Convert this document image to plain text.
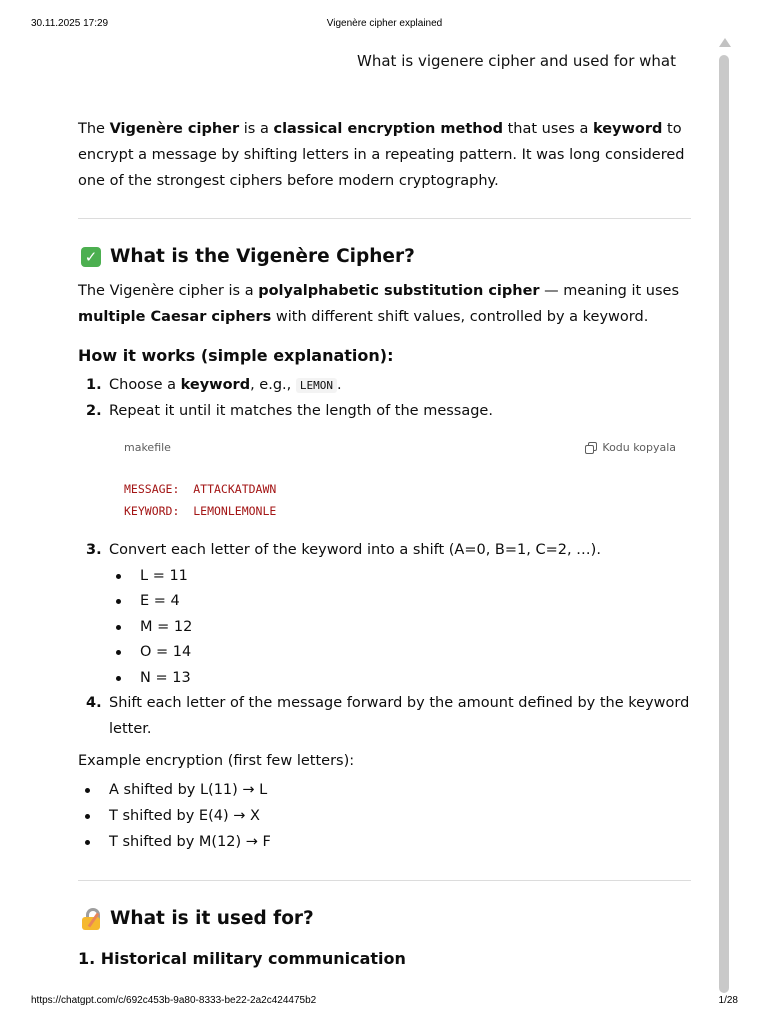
30.11.2025 17:29	Vigenère cipher explained
What is vigenere cipher and used for what

The Vigenère cipher is a classical encryption method that uses a keyword to encrypt a message by shifting letters in a repeating pattern. It was long considered one of the strongest ciphers before modern cryptography.

✓ What is the Vigenère Cipher?

The Vigenère cipher is a polyalphabetic substitution cipher — meaning it uses multiple Caesar ciphers with different shift values, controlled by a keyword.

How it works (simple explanation):
1. Choose a keyword, e.g., LEMON .
2. Repeat it until it matches the length of the message.
makefile	Kodu kopyala
MESSAGE:  ATTACKATDAWN
KEYWORD:  LEMONLEMONLE
3. Convert each letter of the keyword into a shift (A=0, B=1, C=2, …).
L = 11
E = 4
M = 12
O = 14
N = 13
4. Shift each letter of the message forward by the amount defined by the keyword letter.

Example encryption (first few letters):

A shifted by L(11) → L
T shifted by E(4) → X
T shifted by M(12) → F
What is it used for?
1. Historical military communication
https://chatgpt.com/c/692c453b-9a80-8333-be22-2a2c424475b2	1/28
